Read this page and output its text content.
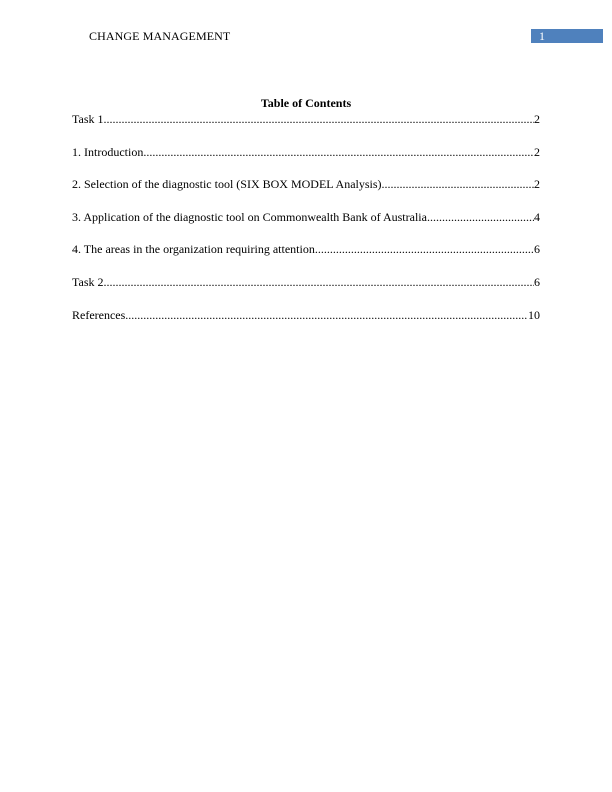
CHANGE MANAGEMENT	1
Table of Contents
Task 1 .....	2
1. Introduction .....	2
2. Selection of the diagnostic tool (SIX BOX MODEL Analysis) .....	2
3. Application of the diagnostic tool on Commonwealth Bank of Australia .....	4
4. The areas in the organization requiring attention .....	6
Task 2 .....	6
References .....	10
